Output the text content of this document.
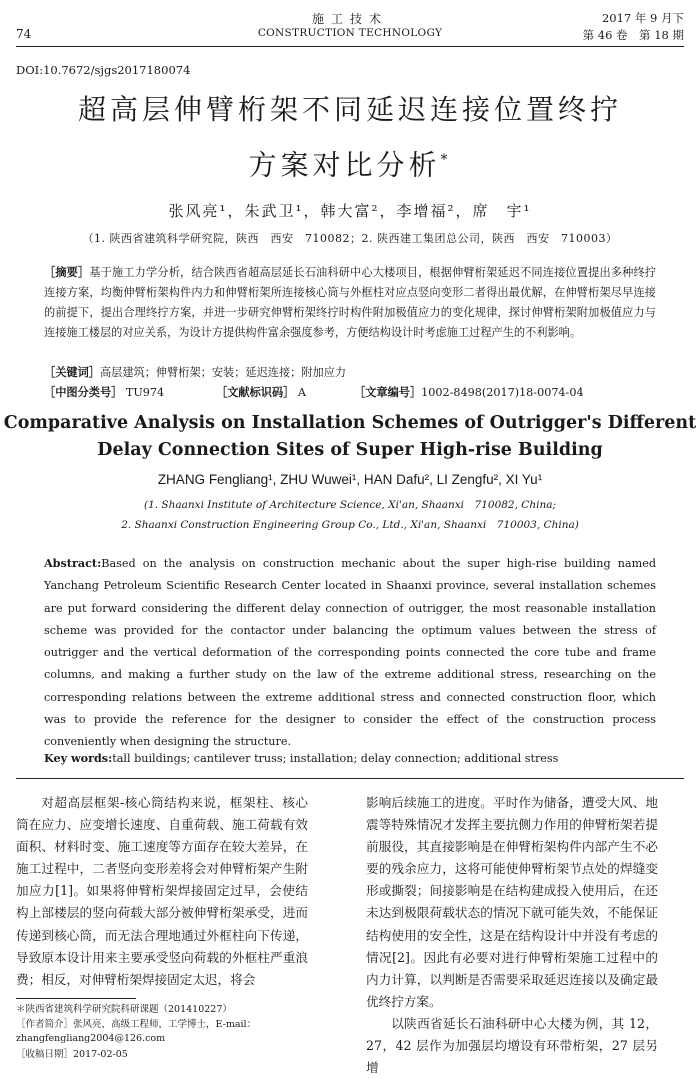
施工技术
CONSTRUCTION TECHNOLOGY
74
2017 年 9 月下
第 46 卷　第 18 期
DOI:10.7672/sjgs2017180074
超高层伸臂桁架不同延迟连接位置终拧
方案对比分析*
张风亮¹，朱武卫¹，韩大富²，李增福²，席　宇¹
（1. 陕西省建筑科学研究院，陕西　西安　710082；2. 陕西建工集团总公司，陕西　西安　710003）
［摘要］基于施工力学分析，结合陕西省超高层延长石油科研中心大楼项目，根据伸臂桁架延迟不同连接位置提出多种终拧连接方案，均衡伸臂桁架构件内力和伸臂桁架所连接核心筒与外框柱对应点竖向变形二者得出最优解，在伸臂桁架尽早连接的前提下，提出合理终拧方案，并进一步研究伸臂桁架终拧时构件附加极值应力的变化规律，探讨伸臂桁架附加极值应力与连接施工楼层的对应关系，为设计方提供构件富余强度参考，方便结构设计时考虑施工过程产生的不利影响。
［关键词］高层建筑；伸臂桁架；安装；延迟连接；附加应力
［中图分类号］ TU974	［文献标识码］ A	［文章编号］1002-8498(2017)18-0074-04
Comparative Analysis on Installation Schemes of Outrigger's Different
Delay Connection Sites of Super High-rise Building
ZHANG Fengliang¹, ZHU Wuwei¹, HAN Dafu², LI Zengfu², XI Yu¹
(1. Shaanxi Institute of Architecture Science, Xi'an, Shaanxi　710082, China;
2. Shaanxi Construction Engineering Group Co., Ltd., Xi'an, Shaanxi　710003, China)
Abstract:Based on the analysis on construction mechanic about the super high-rise building named Yanchang Petroleum Scientific Research Center located in Shaanxi province, several installation schemes are put forward considering the different delay connection of outrigger, the most reasonable installation scheme was provided for the contactor under balancing the optimum values between the stress of outrigger and the vertical deformation of the corresponding points connected the core tube and frame columns, and making a further study on the law of the extreme additional stress, researching on the corresponding relations between the extreme additional stress and connected construction floor, which was to provide the reference for the designer to consider the effect of the construction process conveniently when designing the structure.
Key words:tall buildings; cantilever truss; installation; delay connection; additional stress
对超高层框架-核心筒结构来说，框架柱、核心筒在应力、应变增长速度、自重荷载、施工荷载有效面积、材料时变、施工速度等方面存在较大差异，在施工过程中，二者竖向变形差将会对伸臂桁架产生附加应力[1]。如果将伸臂桁架焊接固定过早，会使结构上部楼层的竖向荷载大部分被伸臂桁架承受，进而传递到核心筒，而无法合理地通过外框柱向下传递，导致原本设计用来主要承受竖向荷载的外框柱严重浪费；相反，对伸臂桁架焊接固定太迟，将会
影响后续施工的进度。平时作为储备，遭受大风、地震等特殊情况才发挥主要抗侧力作用的伸臂桁架若提前服役，其直接影响是在伸臂桁架构件内部产生不必要的残余应力，这将可能使伸臂桁架节点处的焊缝变形或撕裂；间接影响是在结构建成投入使用后，在还未达到极限荷载状态的情况下就可能失效，不能保证结构使用的安全性，这是在结构设计中并没有考虑的情况[2]。因此有必要对进行伸臂桁架施工过程中的内力计算，以判断是否需要采取延迟连接以及确定最优终拧方案。
以陕西省延长石油科研中心大楼为例，其 12，27，42 层作为加强层均增设有环带桁架，27 层另增
＊陕西省建筑科学研究院科研课题（201410227）
［作者简介］张风亮，高级工程师，工学博士，E-mail：zhangfengliang2004@126.com
［收稿日期］2017-02-05
